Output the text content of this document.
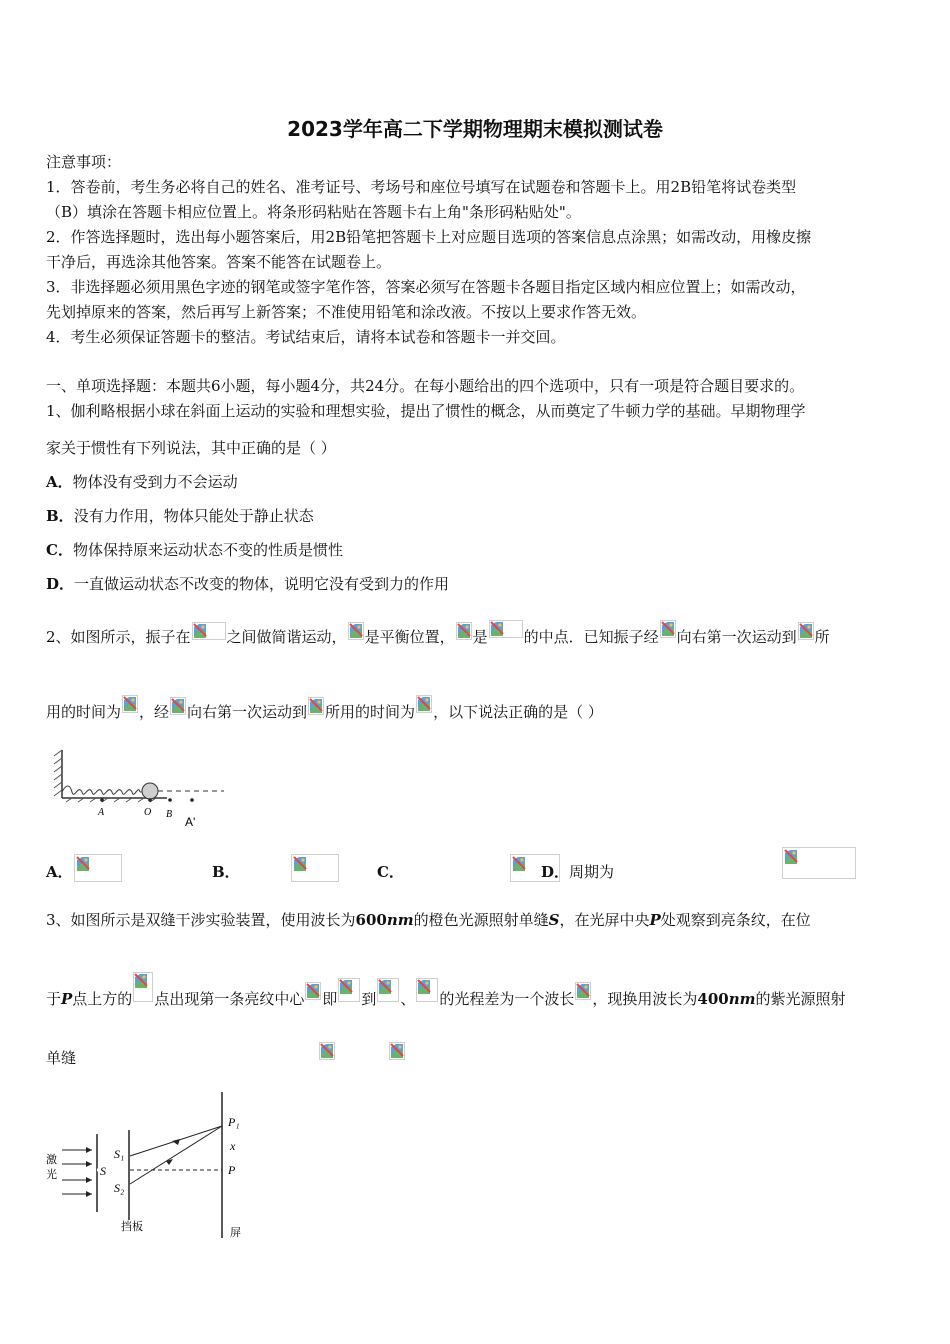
2023学年高二下学期物理期末模拟测试卷
注意事项：
1．答卷前，考生务必将自己的姓名、准考证号、考场号和座位号填写在试题卷和答题卡上。用2B铅笔将试卷类型
（B）填涂在答题卡相应位置上。将条形码粘贴在答题卡右上角"条形码粘贴处"。
2．作答选择题时，选出每小题答案后，用2B铅笔把答题卡上对应题目选项的答案信息点涂黑；如需改动，用橡皮擦
干净后，再选涂其他答案。答案不能答在试题卷上。
3．非选择题必须用黑色字迹的钢笔或签字笔作答，答案必须写在答题卡各题目指定区域内相应位置上；如需改动，
先划掉原来的答案，然后再写上新答案；不准使用铅笔和涂改液。不按以上要求作答无效。
4．考生必须保证答题卡的整洁。考试结束后，请将本试卷和答题卡一并交回。
一、单项选择题：本题共6小题，每小题4分，共24分。在每小题给出的四个选项中，只有一项是符合题目要求的。
1、伽利略根据小球在斜面上运动的实验和理想实验，提出了惯性的概念，从而奠定了牛顿力学的基础。早期物理学
家关于惯性有下列说法，其中正确的是（ ）
A．物体没有受到力不会运动
B．没有力作用，物体只能处于静止状态
C．物体保持原来运动状态不变的性质是惯性
D．一直做运动状态不改变的物体，说明它没有受到力的作用
2、如图所示，振子在 之间做简谐运动， 是平衡位置， 是 的中点．已知振子经 向右第一次运动到 所
用的时间为 ，经 向右第一次运动到 所用的时间为 ，以下说法正确的是（ ）
A	O B
A'
A．
	B．
	C．
	D．周期为

3、如图所示是双缝干涉实验装置，使用波长为600nm的橙色光源照射单缝S，在光屏中央P处观察到亮条纹，在位
于P点上方的 点出现第一条亮纹中心 即 到 、 的光程差为一个波长 ，现换用波长为400nm的紫光源照射
单缝

激
光	S
S₁
S₂
P₁
x
P
挡板	屏
